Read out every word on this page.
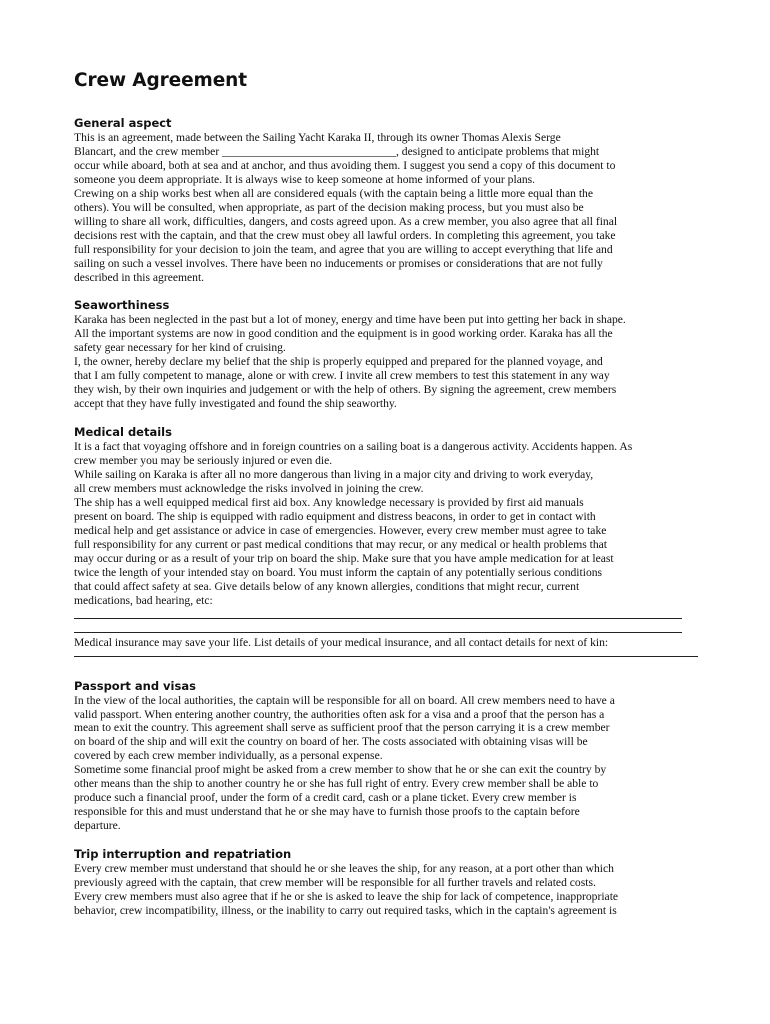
Crew Agreement
General aspect
This is an agreement, made between the Sailing Yacht Karaka II, through its owner Thomas Alexis Serge
Blancart, and the crew member ______________________________, designed to anticipate problems that might
occur while aboard, both at sea and at anchor, and thus avoiding them. I suggest you send a copy of this document to
someone you deem appropriate. It is always wise to keep someone at home informed of your plans.
Crewing on a ship works best when all are considered equals (with the captain being a little more equal than the
others). You will be consulted, when appropriate, as part of the decision making process, but you must also be
willing to share all work, difficulties, dangers, and costs agreed upon. As a crew member, you also agree that all final
decisions rest with the captain, and that the crew must obey all lawful orders. In completing this agreement, you take
full responsibility for your decision to join the team, and agree that you are willing to accept everything that life and
sailing on such a vessel involves. There have been no inducements or promises or considerations that are not fully
described in this agreement.
Seaworthiness
Karaka has been neglected in the past but a lot of money, energy and time have been put into getting her back in shape.
All the important systems are now in good condition and the equipment is in good working order. Karaka has all the
safety gear necessary for her kind of cruising.
I, the owner, hereby declare my belief that the ship is properly equipped and prepared for the planned voyage, and
that I am fully competent to manage, alone or with crew. I invite all crew members to test this statement in any way
they wish, by their own inquiries and judgement or with the help of others. By signing the agreement, crew members
accept that they have fully investigated and found the ship seaworthy.
Medical details
It is a fact that voyaging offshore and in foreign countries on a sailing boat is a dangerous activity. Accidents happen. As
crew member you may be seriously injured or even die.
While sailing on Karaka is after all no more dangerous than living in a major city and driving to work everyday,
all crew members must acknowledge the risks involved in joining the crew.
The ship has a well equipped medical first aid box. Any knowledge necessary is provided by first aid manuals
present on board. The ship is equipped with radio equipment and distress beacons, in order to get in contact with
medical help and get assistance or advice in case of emergencies. However, every crew member must agree to take
full responsibility for any current or past medical conditions that may recur, or any medical or health problems that
may occur during or as a result of your trip on board the ship. Make sure that you have ample medication for at least
twice the length of your intended stay on board. You must inform the captain of any potentially serious conditions
that could affect safety at sea. Give details below of any known allergies, conditions that might recur, current
medications, bad hearing, etc:
Medical insurance may save your life. List details of your medical insurance, and all contact details for next of kin:
Passport and visas
In the view of the local authorities, the captain will be responsible for all on board. All crew members need to have a
valid passport. When entering another country, the authorities often ask for a visa and a proof that the person has a
mean to exit the country. This agreement shall serve as sufficient proof that the person carrying it is a crew member
on board of the ship and will exit the country on board of her. The costs associated with obtaining visas will be
covered by each crew member individually, as a personal expense.
Sometime some financial proof might be asked from a crew member to show that he or she can exit the country by
other means than the ship to another country he or she has full right of entry. Every crew member shall be able to
produce such a financial proof, under the form of a credit card, cash or a plane ticket. Every crew member is
responsible for this and must understand that he or she may have to furnish those proofs to the captain before
departure.
Trip interruption and repatriation
Every crew member must understand that should he or she leaves the ship, for any reason, at a port other than which
previously agreed with the captain, that crew member will be responsible for all further travels and related costs.
Every crew members must also agree that if he or she is asked to leave the ship for lack of competence, inappropriate
behavior, crew incompatibility, illness, or the inability to carry out required tasks, which in the captain's agreement is
